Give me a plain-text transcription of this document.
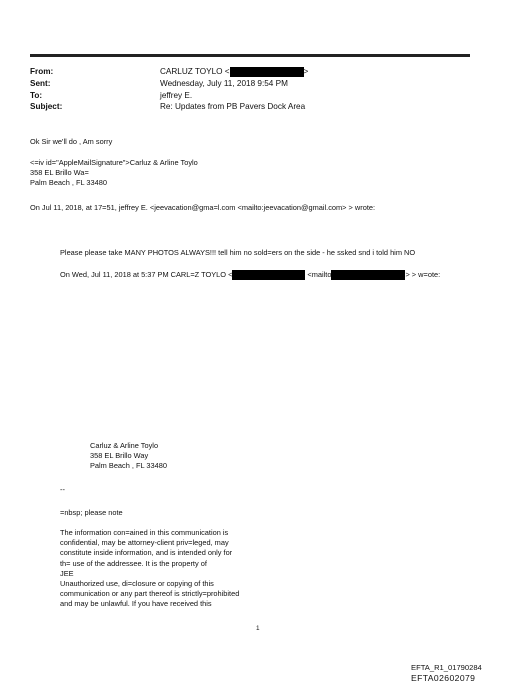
From:	CARLUZ TOYLO <	>
Sent:	Wednesday, July 11, 2018 9:54 PM
To:	jeffrey E.
Subject:	Re: Updates from PB Pavers Dock Area
Ok Sir we'll do , Am sorry
<=iv id="AppleMailSignature">Carluz & Arline Toylo
358 EL Brillo Wa=
Palm Beach , FL 33480
On Jul 11, 2018, at 17=51, jeffrey E. <jeevacation@gma=l.com <mailto:jeevacation@gmail.com> > wrote:
Please please take MANY PHOTOS ALWAYS!!! tell him no sold=ers on the side - he ssked snd i told him NO
On Wed, Jul 11, 2018 at 5:37 PM CARL=Z TOYLO <	<mailto	> > w=ote:
Carluz & Arline Toylo
358 EL Brillo Way
Palm Beach , FL 33480
--
=nbsp; please note
The information con=ained in this communication is
confidential, may be attorney-client priv=leged, may
constitute inside information, and is intended only for
th= use of the addressee. It is the property of
JEE
Unauthorized use, di=closure or copying of this
communication or any part thereof is strictly=prohibited
and may be unlawful. If you have received this
1
EFTA_R1_01790284
EFTA02602079
